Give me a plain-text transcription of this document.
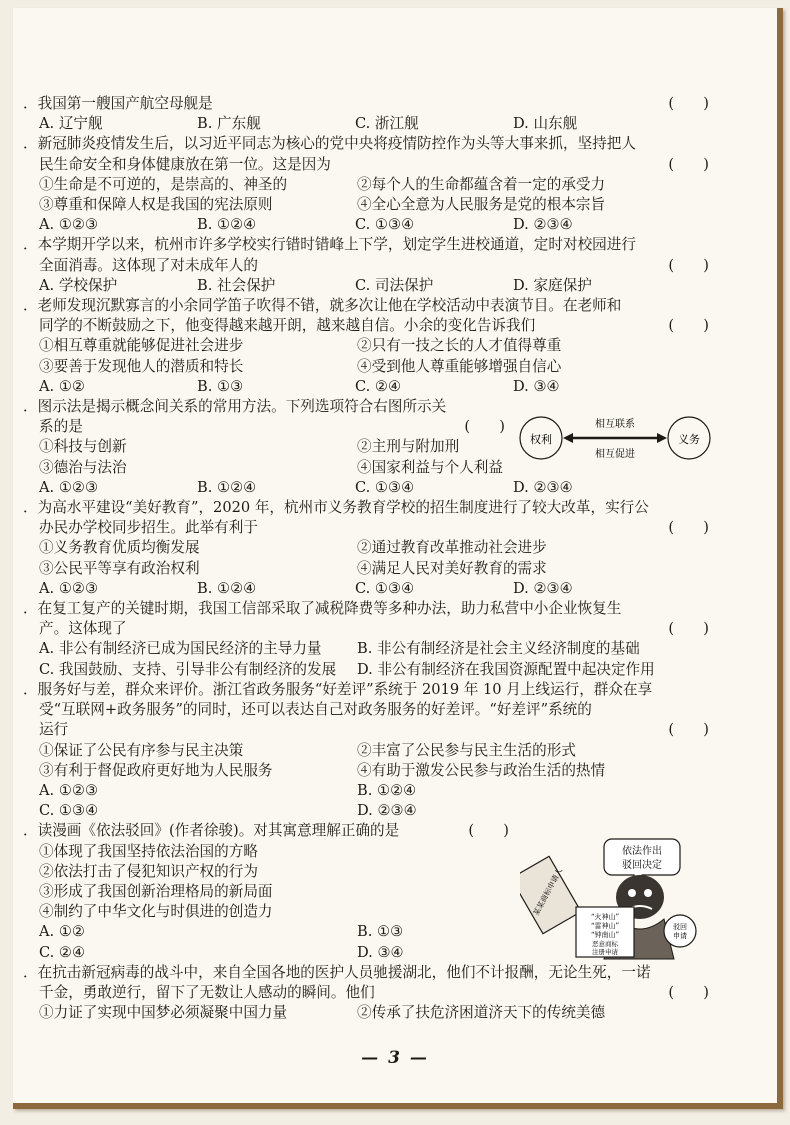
．我国第一艘国产航空母舰是	(　　)
A. 辽宁舰	B. 广东舰	C. 浙江舰	D. 山东舰
．新冠肺炎疫情发生后，以习近平同志为核心的党中央将疫情防控作为头等大事来抓，坚持把人
民生命安全和身体健康放在第一位。这是因为	(　　)
①生命是不可逆的，是崇高的、神圣的	②每个人的生命都蕴含着一定的承受力
③尊重和保障人权是我国的宪法原则	④全心全意为人民服务是党的根本宗旨
A. ①②③	B. ①②④	C. ①③④	D. ②③④
．本学期开学以来，杭州市许多学校实行错时错峰上下学，划定学生进校通道，定时对校园进行
全面消毒。这体现了对未成年人的	(　　)
A. 学校保护	B. 社会保护	C. 司法保护	D. 家庭保护
．老师发现沉默寡言的小余同学笛子吹得不错，就多次让他在学校活动中表演节目。在老师和
同学的不断鼓励之下，他变得越来越开朗，越来越自信。小余的变化告诉我们	(　　)
①相互尊重就能够促进社会进步	②只有一技之长的人才值得尊重
③要善于发现他人的潜质和特长	④受到他人尊重能够增强自信心
A. ①②	B. ①③	C. ②④	D. ③④
．图示法是揭示概念间关系的常用方法。下列选项符合右图所示关
系的是	(　　)
①科技与创新	②主刑与附加刑
③德治与法治	④国家利益与个人利益
A. ①②③	B. ①②④	C. ①③④	D. ②③④
．为高水平建设“美好教育”，2020 年，杭州市义务教育学校的招生制度进行了较大改革，实行公
办民办学校同步招生。此举有利于	(　　)
①义务教育优质均衡发展	②通过教育改革推动社会进步
③公民平等享有政治权利	④满足人民对美好教育的需求
A. ①②③	B. ①②④	C. ①③④	D. ②③④
．在复工复产的关键时期，我国工信部采取了减税降费等多种办法，助力私营中小企业恢复生
产。这体现了	(　　)
A. 非公有制经济已成为国民经济的主导力量	B. 非公有制经济是社会主义经济制度的基础
C. 我国鼓励、支持、引导非公有制经济的发展	D. 非公有制经济在我国资源配置中起决定作用
．服务好与差，群众来评价。浙江省政务服务“好差评”系统于 2019 年 10 月上线运行，群众在享
受“互联网+政务服务”的同时，还可以表达自己对政务服务的好差评。“好差评”系统的
运行	(　　)
①保证了公民有序参与民主决策	②丰富了公民参与民主生活的形式
③有利于督促政府更好地为人民服务	④有助于激发公民参与政治生活的热情
A. ①②③	B. ①②④
C. ①③④	D. ②③④
．读漫画《依法驳回》(作者徐骏)。对其寓意理解正确的是	(　　)
①体现了我国坚持依法治国的方略
②依法打击了侵犯知识产权的行为
③形成了我国创新治理格局的新局面
④制约了中华文化与时俱进的创造力
A. ①②	B. ①③
C. ②④	D. ③④
．在抗击新冠病毒的战斗中，来自全国各地的医护人员驰援湖北，他们不计报酬，无论生死，一诺
千金，勇敢逆行，留下了无数让人感动的瞬间。他们	(　　)
①力证了实现中国梦必须凝聚中国力量	②传承了扶危济困道济天下的传统美德
权利	义务
相互联系
相互促进
依法作出
驳回决定
某某商标申请人	“火神山”
“雷神山”
“钟南山”
恶意商标
注册申请
驳回
申请
— 3 —
